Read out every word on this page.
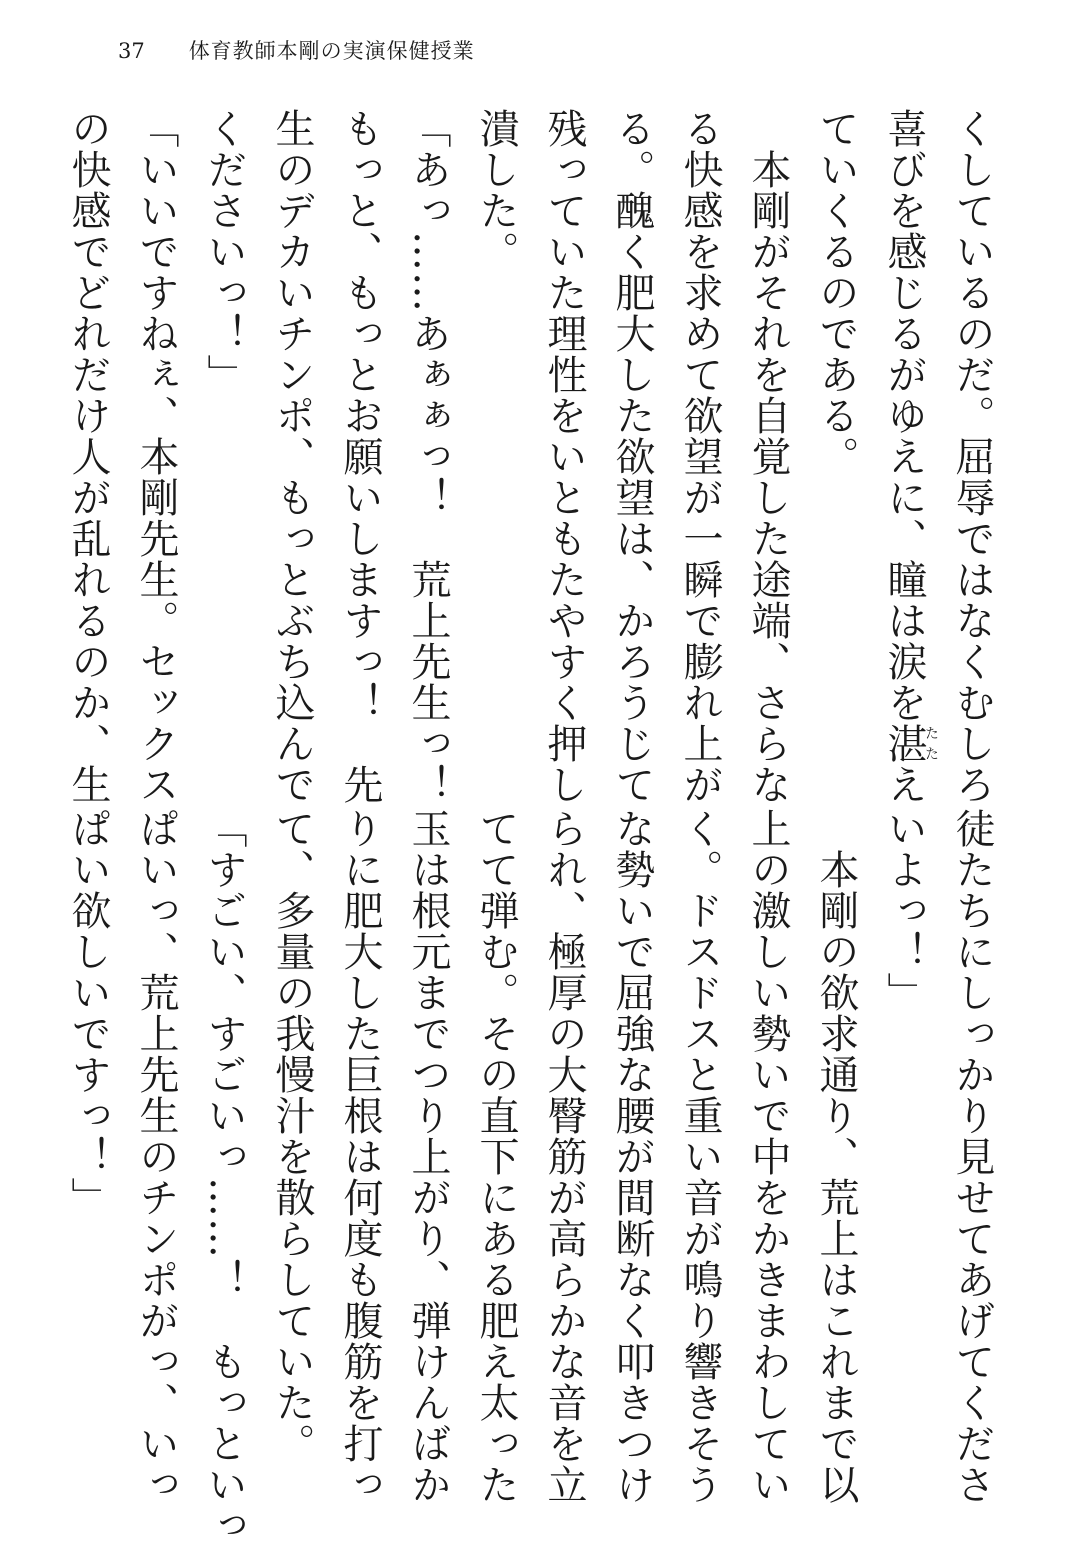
37 体育教師本剛の実演保健授業
くしているのだ。屈辱ではなくむしろ
喜びを感じるがゆえに、瞳は涙を湛たたえ
ていくるのである。
　本剛がそれを自覚した途端、さらな
る快感を求めて欲望が一瞬で膨れ上が
る。醜く肥大した欲望は、かろうじて
残っていた理性をいともたやすく押し
潰した。
「あっ……あぁぁっ！　荒上先生っ！
もっと、もっとお願いしますっ！　先
生のデカいチンポ、もっとぶち込んで
くださいっ！」
「いいですねぇ、本剛先生。セックス
の快感でどれだけ人が乱れるのか、生
徒たちにしっかり見せてあげてくださ
いよっ！」
　本剛の欲求通り、荒上はこれまで以
上の激しい勢いで中をかきまわしてい
く。ドスドスと重い音が鳴り響きそう
な勢いで屈強な腰が間断なく叩きつけ
られ、極厚の大臀筋が高らかな音を立
てて弾む。その直下にある肥え太った
玉は根元までつり上がり、弾けんばか
りに肥大した巨根は何度も腹筋を打っ
て、多量の我慢汁を散らしていた。
「すごい、すごいっ……！　もっといっ
ぱいっ、荒上先生のチンポがっ、いっ
ぱい欲しいですっ！」
